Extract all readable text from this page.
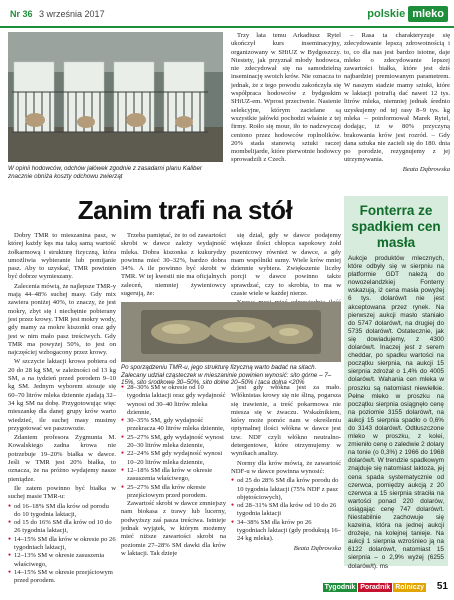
Nr 36 3 września 2017	polskie mleko
W opinii hodowców, odchów jałówek zgodnie z zasadami planu Kaliber znacznie obniża koszty odchowu zwierząt

Trzy lata temu Arkadiusz Rytel ukończył kurs inseminacyjny, organizowany w SHiUZ w Bydgoszczy. Niestety, jak przyznał młody hodowca, nie zdecydował się na samodzielną inseminację swoich krów. Nie oznacza to jednak, że z tego powodu zakończyła się współpraca hodowców z bydgoskim SHiUZ-em. Wprost przeciwnie. Nasienie selekcyjne, którym zacielane są wszystkie jałówki pochodzi właśnie z tej firmy. Roiło się mour, iło to nadzwyczaj ceniono przez hodowców roplnolików. 20% stada stanowią sztuki raczej mombelijarde, które pierwotnie hodowcy sprowadzili z Czech.

– Rasa ta charakteryzuje się zdecydowanie lepszą zdrowotnością i to, co dla nas jest bardzo istotne, daje mleko o zdecydowanie lepszej zawartości białka, które jest dziś najbardziej premiowanym parametrem. W naszym stadzie mamy sztuki, które w laktacji potrafią dać nawet 12 tys. litrów mleka, niemniej jednak średnio uzyskujemy od tej rasy 8–9 tys. kg mleka – poinformował Marek Rytel, dodając, iż w 80% przyczyną brakowania krów jest rozród. – Gdy dana sztuka nie zacieli się do 180. dnia po porodzie, rezygnujemy z jej utrzymywania.

Beata Dąbrowska
Zanim trafi na stół

Dobry TMR to mieszanina pasz, w której każdy kęs ma taką samą wartość żołkarmową i strukturę fizyczną, która umożliwia wybieranie lub pomijanie pasz. Aby to uzyskać, TMR powinien być dobrze wymieszany.

Zalecenia mówią, że najlepsze TMR-y mają 44–48% suchej masy. Gdy mix zawiera poniżej 40%, to znaczy, że jest mokry, zbyt się i niechętnie pobierany jest przez krowy. TMR jest mokry wody, gdy mamy za mokre kiszonki oraz gdy jest w nim mało pasz treściwych. Gdy TMR ma powyżej 50%, to jest on najczęściej wzbogacony przez krowy.

W szczycie laktacji krowa pobiera od 20 do 28 kg SM, w zależności od 13 kg SM, a na tydzień przed porodem 9–10 kg SM. Jednym wyborem stosuje się 60–70 litrów mleka dziennie zjadają 32–34 kg SM na dobę. Przygotowując więc mieszankę dla danej grupy krów warto wiedzieć, ile suchej masy musimy przygotować we paszowozie.

Zdaniem profesora Zygmunta M. Kowalskiego zadna krowa nie potrzebuje 19–20% białka w dawce. Jeśli w TMR jest 20% białka, to oznacza, że na próżno wydajemy nasze pieniądze.

Ile zatem powinno być białka w suchej masie TMR-u:

● od 16–18% SM dla krów od porodu do 10 tygodnia laktacji,
● od 15 do 16% SM dla krów od 10 do 26 tygodnia laktacji,
● 14–15% SM dla krów w okresie po 26 tygodniach laktacji,
● 12–13% SM w okresie zasuszenia właściwego,
● 14–15% SM w okresie przejściowym przed porodem.

Trzeba pamiętać, że to od zawartości skrobi w dawce zależy wydajność mleka. Dobra kiszonka z kukurydzy powinna mieć 30–32%, bardzo dobra 34%. A ile powinno być skrobi w TMR. W tej kwestii nie ma oficjalnych zaleceń, niemniej żywieniowcy sugerują, że:

się dział, gdy w dawce podajemy większe ilości chłopca sapokowy żołd pszenicowy również w dawce, a gdy mam wspólniki sumy. Wiele krów mniej dziennie wybiera. Zwiększenie liczby porcji w dawce powinno także sprawdzać, czy to skrobia, to ma w czasie wiele w każdej nierze.

Po sporządzeniu TMR-u, jego strukturę fizyczną warto badać na sitach. Zalecany udział cząsteczek w mieszaninie powinien wynosić: sito górne – 7–15%, sito środkowe 30–50%, sito dolne 20–50% i taca dolna <20%
● 28–30% SM w okresie od 10 tygodnia laktacji oraz gdy wydajność wynosi od 30–40 litrów mleka dziennie,
● 30–35% SM, gdy wydajność przekracza 40 litrów mleka dziennie,
● 25–27% SM, gdy wydajność wynosi 20–30 litrów mleka dziennie,
● 22–24% SM gdy wydajność wynosi 10–20 litrów mleka dziennie,
● 12–18% SM dla krów w okresie zasuszenia właściwego,
● 25–27% SM dla krów okresie przejściowym przed porodem.

Zawartość skrobi w dawce zmniejszy nam biokasa z trawy lub lucerny, podwyższy zaś pasza treściwa. Istnieje jednak wyjątek, w którym możemy mieć niższe zawartości skrobi na poziomie 27–28% SM dawki dla krów w laktacji. Tak dzieje

jest gdy włókna jest za mało. Włóknistas krowy się nie śliną, pogarsza się trawienie, a treść pokarmowa nie miesza się w żwaczu. Wskaźnikiem, który może pomóc nam w określeniu optymalnej ilości włókna w dawce jest tzw. NDF czyli włókno neutralno-detergentowe, które otrzymujemy w wynikach analizy.

Normy dla krów mówią, że zawartość NDF-u w dawce powinna wynosić:

● od 25 do 28% SM dla krów porodu do 10 tygodnia laktacji (75% NDF z pasz objętościowych),
● od 28–31% SM dla krów od 10 do 26 tygodnia laktacji
● 34–38% SM dla krów po 26 tygodniach laktacji (gdy produkują 16–24 kg mleka).
Beata Dąbrowska
Fonterra ze spadkiem cen masła
Aukcje produktów mlecznych, które odbyły się w sierpniu na platformie GDT należą do nowozelandzkiej Fonterry wskazują, iż cena masła powyżej 6 tys. dolarów/t nie jest akceptowana przez rynek. Na pierwszej aukcji masło staniało do 5747 dolarów/t, na drugiej do 5735 dolarów/t. Ostatecznie, jak się dowiadujemy, z 4300 dolarów/t. Inaczej jest z serem cheddar, po spadku wartości na początku sierpnia, na aukcji 15 sierpnia zdrożał o 1,4% do 4005 dolarów/t. Wahania cen mleka w proszku są natomiast niewielkie. Pełne mleko w proszku na początku sierpnia osiągnęło cenę na poziomie 3155 dolarów/t, na aukcji 15 sierpnia spadło o 0,6% do 3143 dolarów/t. Odtłuszczone mleko w proszku, z kolei, zmieniło cenę o zaledwie 2 dolary na tonie (o 0,3%) z 1966 do 1968 dolarów/t. W trendzie spadkowym znajduje się natomiast laktoza, jej cena spada systematycznie od czerwca, pomiędzy aukcją z 20 czerwca a 15 sierpnia straciła na wartości ponad 220 dolarów, osiągając cenę 747 dolarów/t. Niestabilnie zachowuje się kazeina, która na jednej aukcji drożeje, na kolejnej tanieje. Na aukcji 1 sierpnia wzrośnieo ją na 6122 dolarów/t, natomiast 15 sierpnia – o 2,9% wyżej (6255 dolarów/t). ms
Tygodnik Poradnik Rolniczy 51
